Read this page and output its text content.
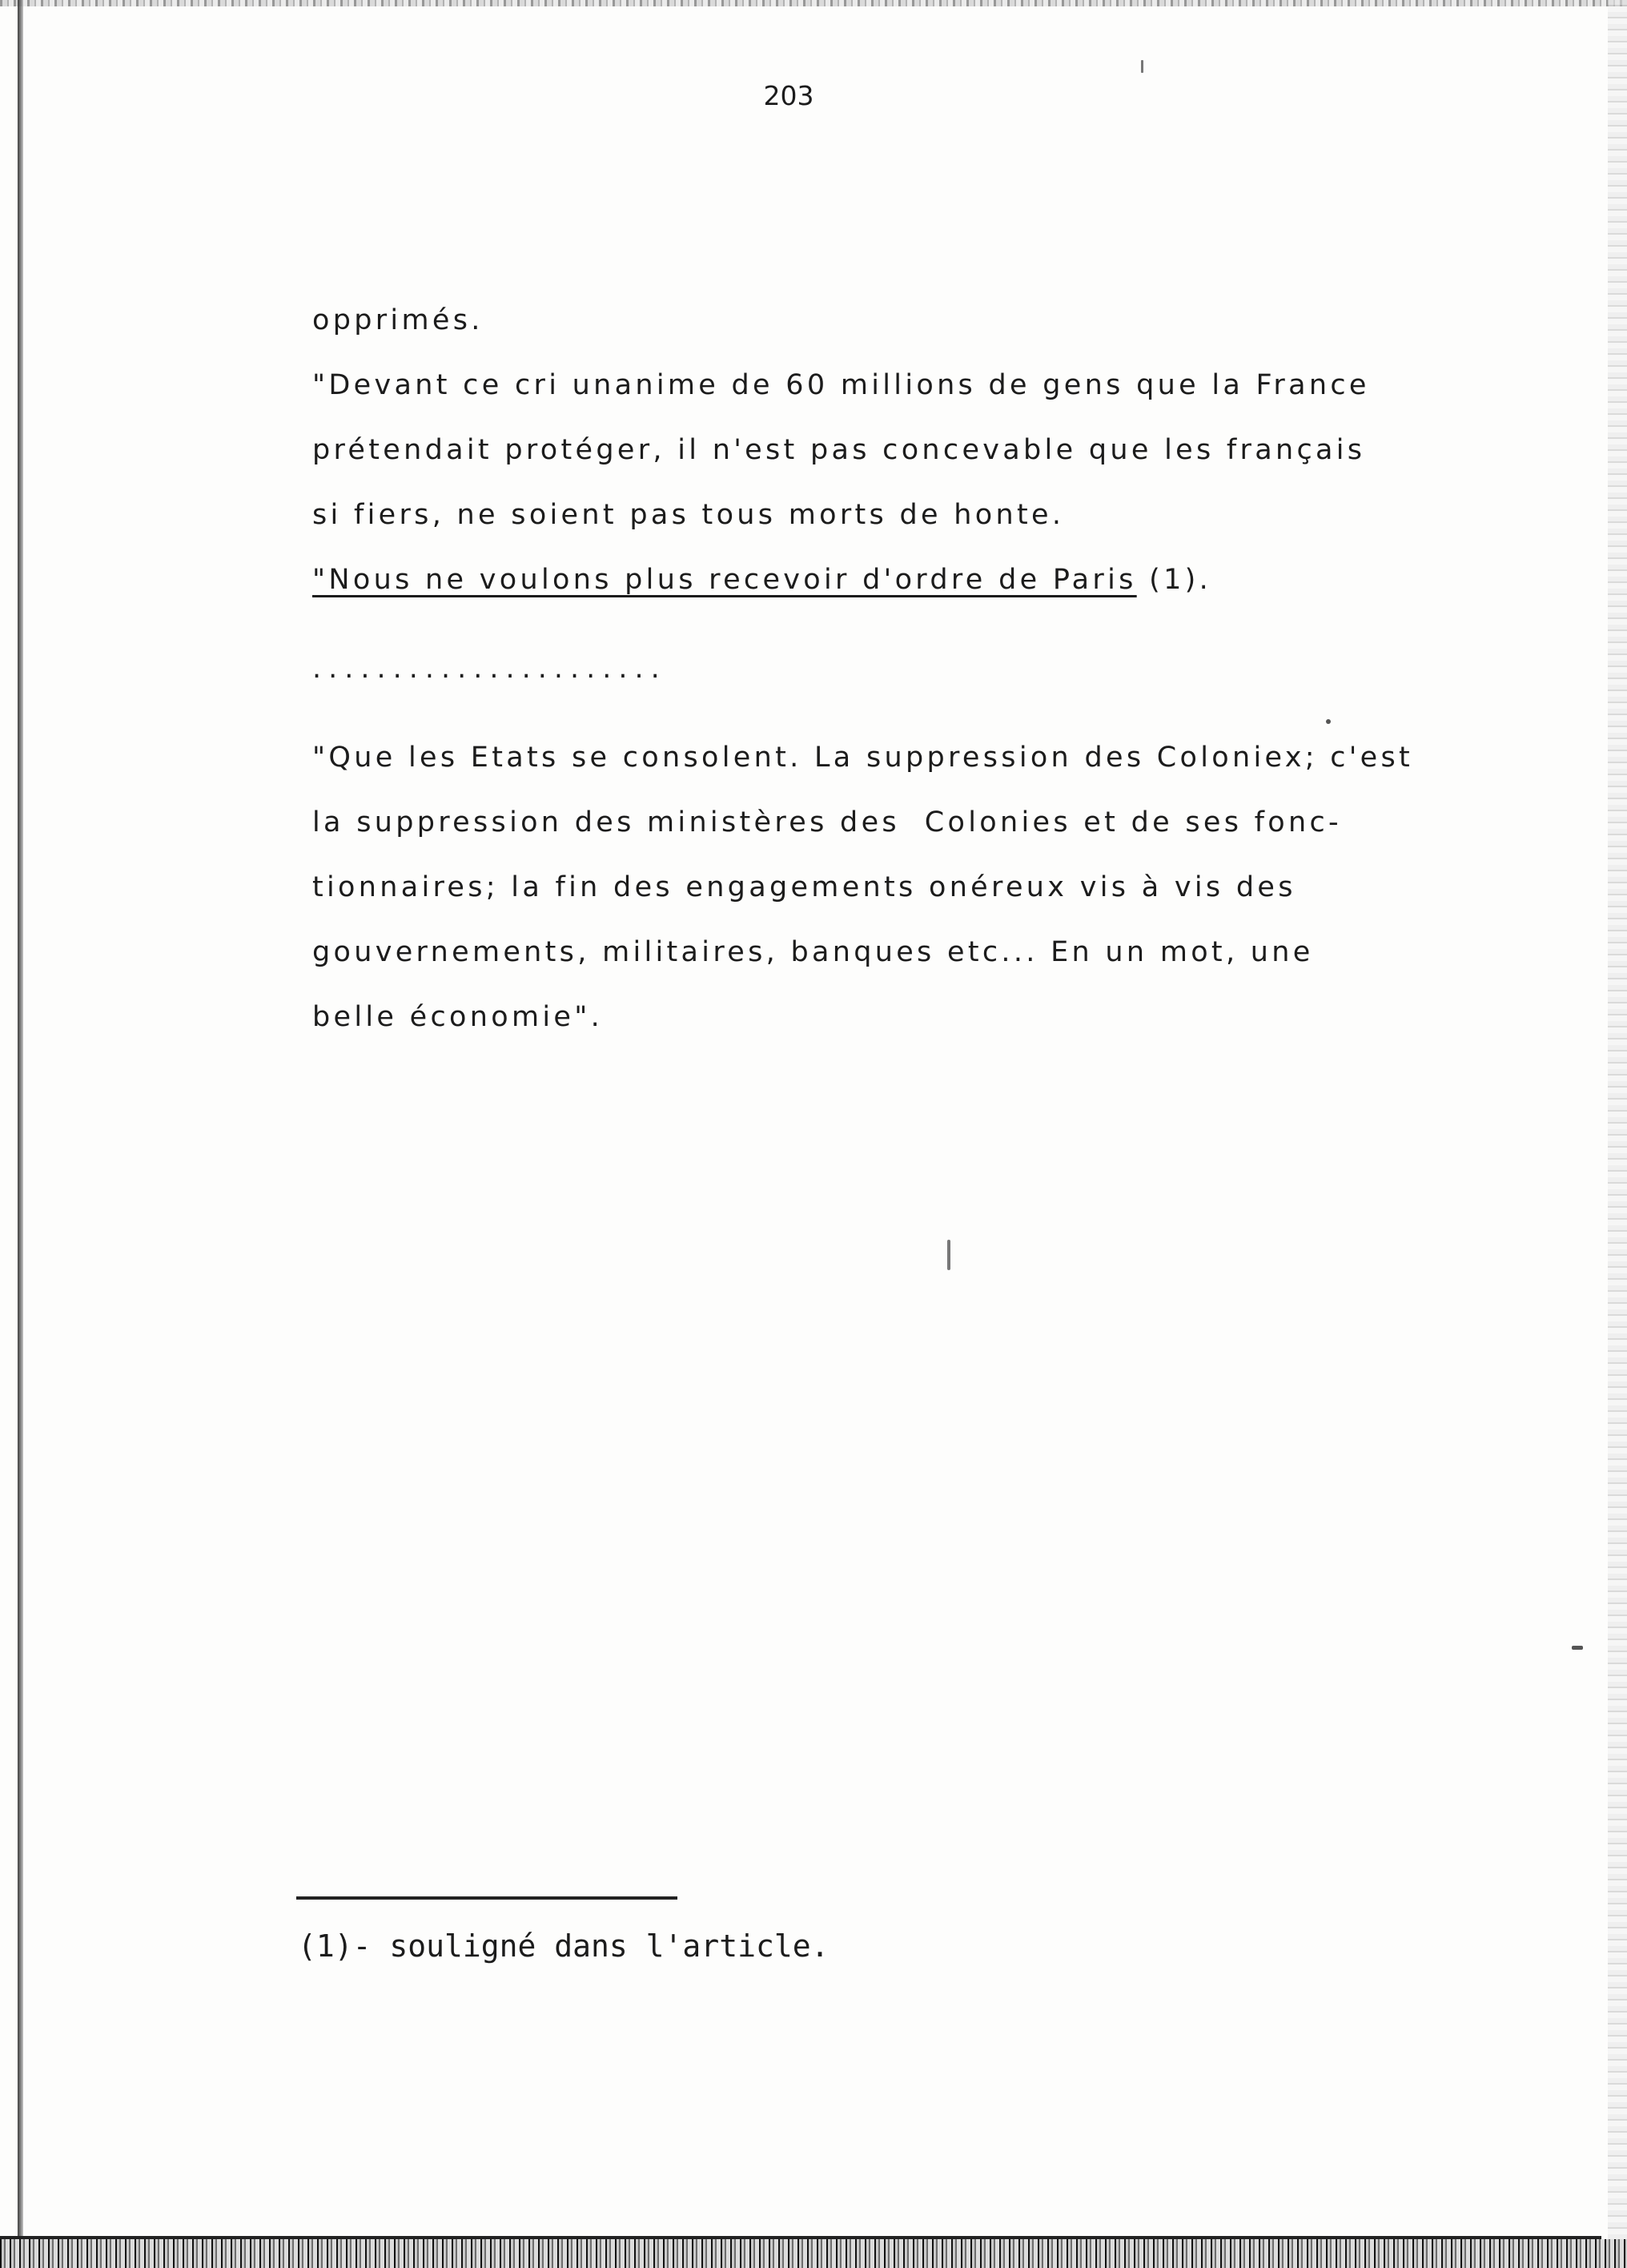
203
opprimés.
"Devant ce cri unanime de 60 millions de gens que la France
prétendait protéger, il n'est pas concevable que les français
si fiers, ne soient pas tous morts de honte.
"Nous ne voulons plus recevoir d'ordre de Paris (1).
......................
"Que les Etats se consolent. La suppression des Coloniex; c'est
la suppression des ministères des  Colonies et de ses fonc-
tionnaires; la fin des engagements onéreux vis à vis des
gouvernements, militaires, banques etc... En un mot, une
belle économie".
(1)- souligné dans l'article.
